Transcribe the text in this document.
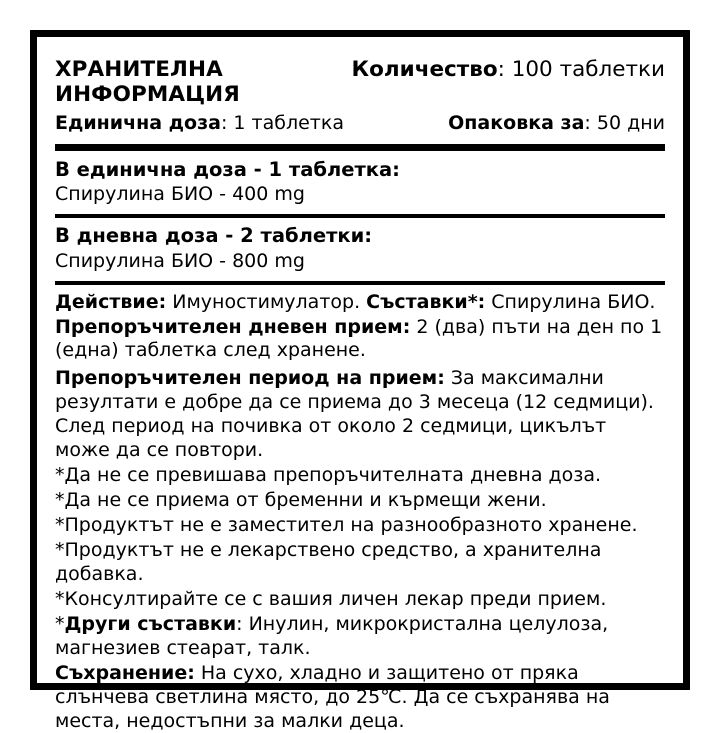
ХРАНИТЕЛНА ИНФОРМАЦИЯ
Количество: 100 таблетки
Единична доза: 1 таблетка	Опаковка за: 50 дни
В единична доза - 1 таблетка:
Спирулина БИО - 400 mg
В дневна доза - 2 таблетки:
Спирулина БИО - 800 mg

Действие: Имуностимулатор. Съставки*: Спирулина БИО.

Препоръчителен дневен прием: 2 (два) пъти на ден по 1 (една) таблетка след хранене.

Препоръчителен период на прием: За максимални резултати е добре да се приема до 3 месеца (12 седмици). След период на почивка от около 2 седмици, цикълът може да се повтори.

*Да не се превишава препоръчителната дневна доза.

*Да не се приема от бременни и кърмещи жени.

*Продуктът не е заместител на разнообразното хранене.

*Продуктът не е лекарствено средство, а хранителна добавка.

*Консултирайте се с вашия личен лекар преди прием.

*Други съставки: Инулин, микрокристална целулоза, магнезиев стеарат, талк.

Съхранение: На сухо, хладно и защитено от пряка слънчева светлина място, до 25℃. Да се съхранява на места, недостъпни за малки деца.
